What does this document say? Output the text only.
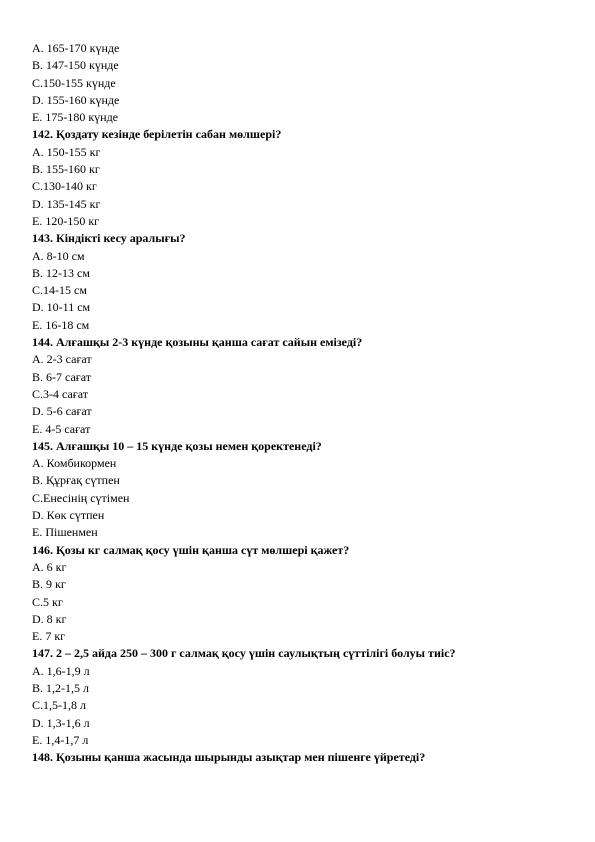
A. 165-170 күнде
B. 147-150 күнде
C.150-155 күнде
D. 155-160 күнде
E. 175-180 күнде
142. Қоздату кезінде берілетін сабан мөлшері?
A. 150-155 кг
B. 155-160 кг
C.130-140 кг
D. 135-145 кг
E. 120-150 кг
143. Кіндікті кесу аралығы?
A. 8-10 см
B. 12-13 см
C.14-15 см
D. 10-11 см
E. 16-18 см
144. Алғашқы 2-3 күнде қозыны қанша сағат сайын емізеді?
A. 2-3 сағат
B. 6-7 сағат
C.3-4 сағат
D. 5-6 сағат
E. 4-5 сағат
145. Алғашқы 10 – 15 күнде қозы немен қоректенеді?
A. Комбикормен
B. Құрғақ сүтпен
C.Енесінің сүтімен
D. Көк сүтпен
E. Пішенмен
146. Қозы кг салмақ қосу үшін қанша сүт мөлшері қажет?
A. 6 кг
B. 9 кг
C.5 кг
D. 8 кг
E. 7 кг
147. 2 – 2,5 айда 250 – 300 г салмақ қосу үшін саулықтың сүттілігі болуы тиіс?
A. 1,6-1,9 л
B. 1,2-1,5 л
C.1,5-1,8 л
D. 1,3-1,6 л
E. 1,4-1,7 л
148. Қозыны қанша жасында шырынды азықтар мен пішенге үйретеді?
